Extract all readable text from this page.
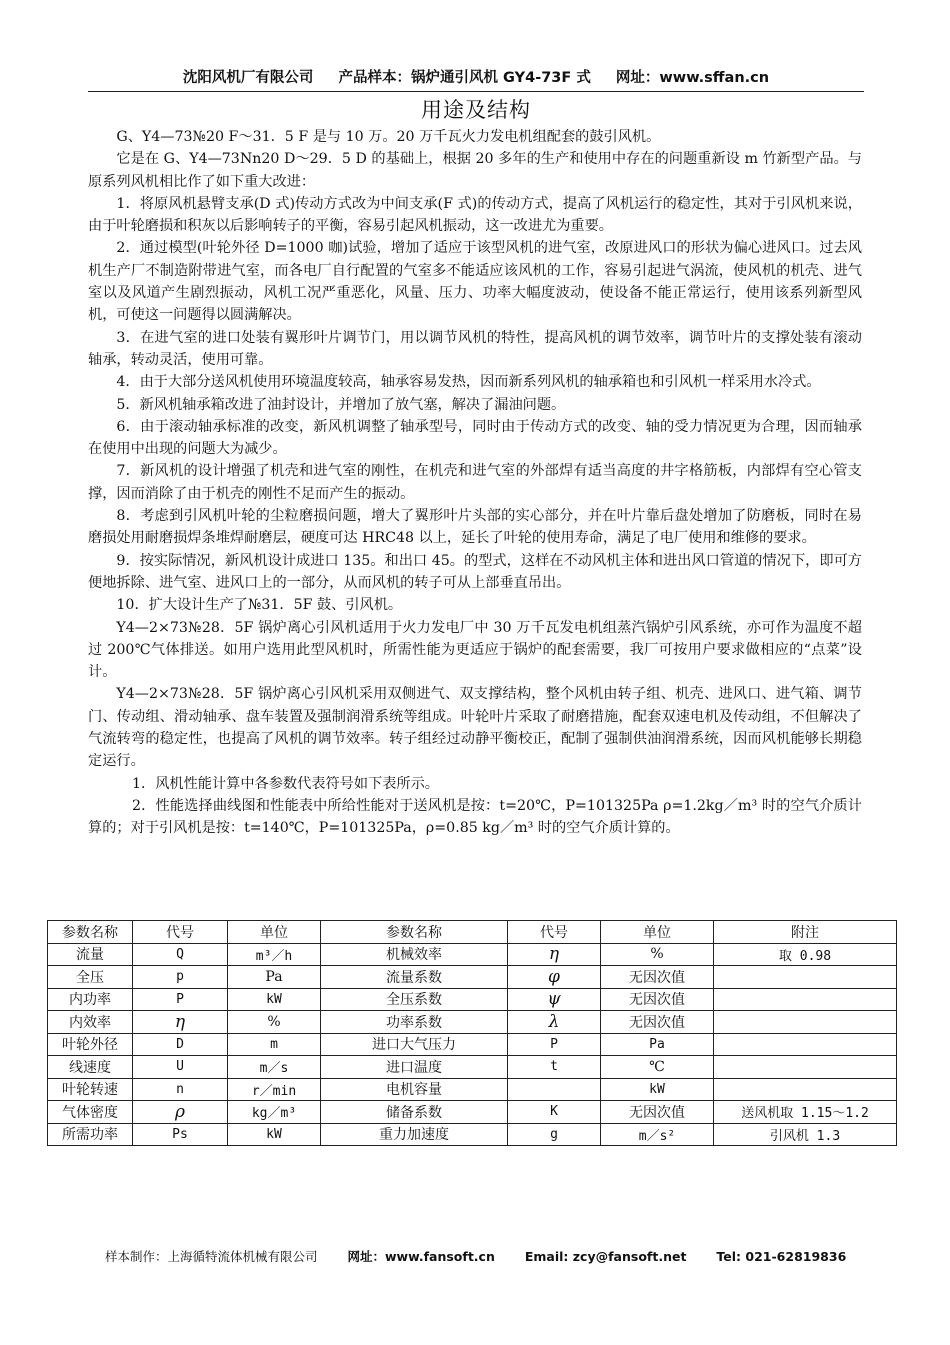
沈阳风机厂有限公司 产品样本：锅炉通引风机 GY4-73F 式 网址：www.sffan.cn
用途及结构

G、Y4—73№20 F～31．5 F 是与 10 万。20 万千瓦火力发电机组配套的鼓引风机。

它是在 G、Y4—73Nn20 D～29．5 D 的基础上，根据 20 多年的生产和使用中存在的问题重新设 m 竹新型产品。与原系列风机相比作了如下重大改进：

1．将原风机悬臂支承(D 式)传动方式改为中间支承(F 式)的传动方式，提高了风机运行的稳定性，其对于引风机来说，由于叶轮磨损和积灰以后影响转子的平衡，容易引起风机振动，这一改进尤为重要。

2．通过模型(叶轮外径 D=1000 咖)试验，增加了适应于该型风机的进气室，改原进风口的形状为偏心进风口。过去风机生产厂不制造附带进气室，而各电厂自行配置的气室多不能适应该风机的工作，容易引起进气涡流，使风机的机壳、进气室以及风道产生剧烈振动，风机工况严重恶化，风量、压力、功率大幅度波动，使设备不能正常运行，使用该系列新型风机，可使这一问题得以圆满解决。

3．在进气室的进口处装有翼形叶片调节门，用以调节风机的特性，提高风机的调节效率，调节叶片的支撑处装有滚动轴承，转动灵活，使用可靠。

4．由于大部分送风机使用环境温度较高，轴承容易发热，因而新系列风机的轴承箱也和引风机一样采用水冷式。

5．新风机轴承箱改进了油封设计，并增加了放气塞，解决了漏油问题。

6．由于滚动轴承标准的改变，新风机调整了轴承型号，同时由于传动方式的改变、轴的受力情况更为合理，因而轴承在使用中出现的问题大为减少。

7．新风机的设计增强了机壳和进气室的刚性，在机壳和进气室的外部焊有适当高度的井字格筋板，内部焊有空心管支撑，因而消除了由于机壳的刚性不足而产生的振动。

8．考虑到引风机叶轮的尘粒磨损问题，增大了翼形叶片头部的实心部分，并在叶片靠后盘处增加了防磨板，同时在易磨损处用耐磨损焊条堆焊耐磨层，硬度可达 HRC48 以上，延长了叶轮的使用寿命，满足了电厂使用和维修的要求。

9．按实际情况，新风机设计成进口 135。和出口 45。的型式，这样在不动风机主体和进出风口管道的情况下，即可方便地拆除、进气室、进风口上的一部分，从而风机的转子可从上部垂直吊出。

10．扩大设计生产了№31．5F 鼓、引风机。

Y4—2×73№28．5F 锅炉离心引风机适用于火力发电厂中 30 万千瓦发电机组蒸汽锅炉引风系统，亦可作为温度不超过 200℃气体排送。如用户选用此型风机时，所需性能为更适应于锅炉的配套需要，我厂可按用户要求做相应的“点菜”设计。

Y4—2×73№28．5F 锅炉离心引风机采用双侧进气、双支撑结构，整个风机由转子组、机壳、进风口、进气箱、调节门、传动组、滑动轴承、盘车装置及强制润滑系统等组成。叶轮叶片采取了耐磨措施，配套双速电机及传动组，不但解决了气流转弯的稳定性，也提高了风机的调节效率。转子组经过动静平衡校正，配制了强制供油润滑系统，因而风机能够长期稳定运行。

1．风机性能计算中各参数代表符号如下表所示。

2．性能选择曲线图和性能表中所给性能对于送风机是按：t=20℃，P=101325Pa ρ=1.2kg／m³ 时的空气介质计算的；对于引风机是按：t=140℃，P=101325Pa，ρ=0.85 kg／m³ 时的空气介质计算的。

参数名称	代号	单位	参数名称	代号	单位	附注
流量	Q	m³／h	机械效率	η	%	取 0.98
全压	p	Pa	流量系数	φ	无因次值	
内功率	P	kW	全压系数	ψ	无因次值	
内效率	η	%	功率系数	λ	无因次值	
叶轮外径	D	m	进口大气压力	P	Pa	
线速度	U	m／s	进口温度	t	℃	
叶轮转速	n	r／min	电机容量		kW	
气体密度	ρ	kg／m³	储备系数	K	无因次值	送风机取 1.15～1.2
所需功率	Ps	kW	重力加速度	g	m／s²	引风机 1.3
样本制作：上海循特流体机械有限公司 网址：www.fansoft.cn Email: zcy@fansoft.net Tel: 021-62819836
